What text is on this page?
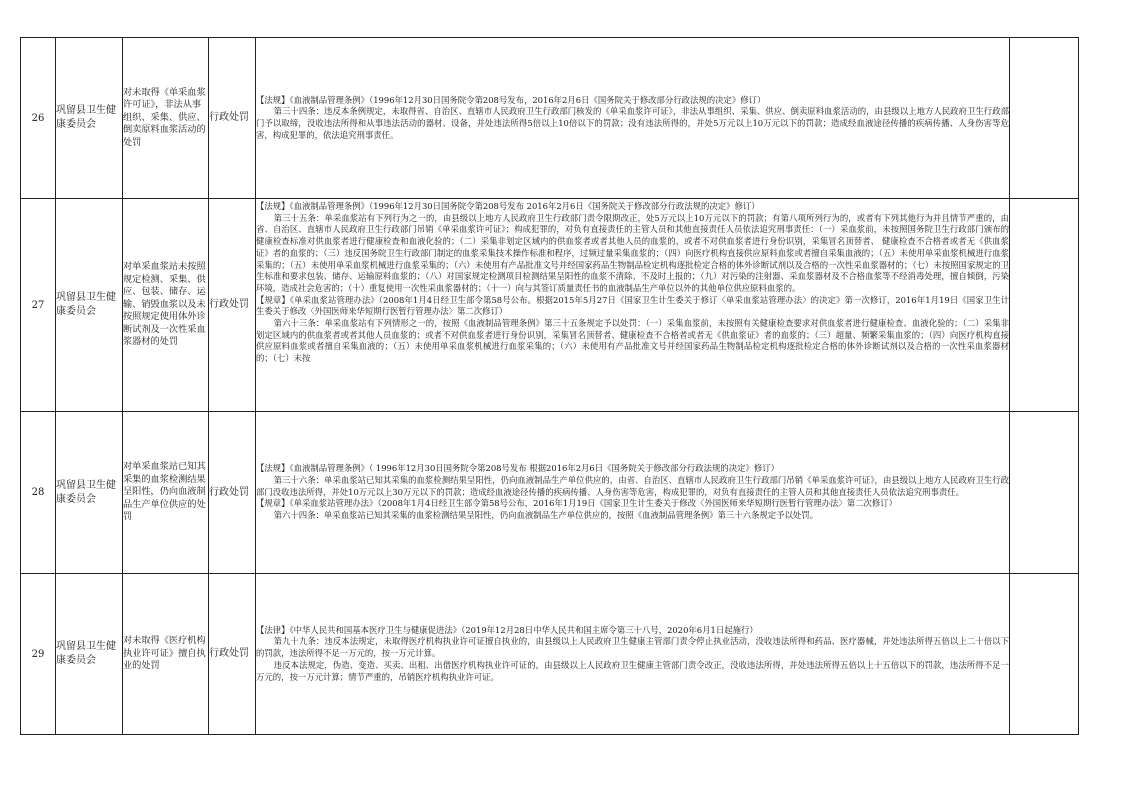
26	巩留县卫生健康委员会	对未取得《单采血浆许可证》，非法从事组织、采集、供应、倒卖原料血浆活动的处罚	行政处罚	【法规】《血液制品管理条例》（1996年12月30日国务院令第208号发布，2016年2月6日《国务院关于修改部分行政法规的决定》修订）

第三十四条：违反本条例规定，未取得省、自治区、直辖市人民政府卫生行政部门核发的《单采血浆许可证》，非法从事组织、采集、供应、倒卖原料血浆活动的，由县级以上地方人民政府卫生行政部门予以取缔，没收违法所得和从事违法活动的器材、设备，并处违法所得5倍以上10倍以下的罚款；没有违法所得的，并处5万元以上10万元以下的罚款；造成经血液途径传播的疾病传播、人身伤害等危害，构成犯罪的，依法追究刑事责任。	

27	巩留县卫生健康委员会	对单采血浆站未按照规定检测、采集、供应、包装、储存、运输、销毁血浆以及未按照规定使用体外诊断试剂及一次性采血浆器材的处罚	行政处罚	【法规】《血液制品管理条例》（1996年12月30日国务院令第208号发布 2016年2月6日《国务院关于修改部分行政法规的决定》修订）

第三十五条：单采血浆站有下列行为之一的，由县级以上地方人民政府卫生行政部门责令限期改正，处5万元以上10万元以下的罚款；有第八项所列行为的，或者有下列其他行为并且情节严重的，由省、自治区、直辖市人民政府卫生行政部门吊销《单采血浆许可证》；构成犯罪的，对负有直接责任的主管人员和其他直接责任人员依法追究刑事责任：（一）采血浆前，未按照国务院卫生行政部门颁布的健康检查标准对供血浆者进行健康检查和血液化验的；（二）采集非划定区域内的供血浆者或者其他人员的血浆的，或者不对供血浆者进行身份识别，采集冒名顶替者、 健康检查不合格者或者无《供血浆证》者的血浆的；（三）违反国务院卫生行政部门制定的血浆采集技术操作标准和程序，过频过量采集血浆的；（四）向医疗机构直接供应原料血浆或者擅自采集血液的；（五）未使用单采血浆机械进行血浆采集的；（五）未使用单采血浆机械进行血浆采集的；（六）未使用有产品批准文号并经国家药品生物制品检定机构逐批检定合格的体外诊断试剂以及合格的一次性采血浆器材的；（七）未按照国家规定的卫生标准和要求包装、储存、运输原料血浆的；（八）对国家规定检测项目检测结果呈阳性的血浆不清除、不及时上报的；（九）对污染的注射器、采血浆器材及不合格血浆等不经消毒处理，擅自倾倒，污染环境，造成社会危害的；（十）重复使用一次性采血浆器材的；（十一）向与其签订质量责任书的血液制品生产单位以外的其他单位供应原料血浆的。

【规章】《单采血浆站管理办法》（2008年1月4日经卫生部令第58号公布。根据2015年5月27日《国家卫生计生委关于修订〈单采血浆站管理办法〉的决定》第一次修订，2016年1月19日《国家卫生计生委关于修改〈外国医师来华短期行医暂行管理办法〉第二次修订）

第六十三条：单采血浆站有下列情形之一的，按照《血液制品管理条例》第三十五条规定予以处罚：（一）采集血浆前，未按照有关健康检查要求对供血浆者进行健康检查、血液化验的；（二）采集非划定区域内的供血浆者或者其他人员血浆的；或者不对供血浆者进行身份识别，采集冒名顶替者、健康检查不合格者或者无《供血浆证》者的血浆的；（三）超量、频繁采集血浆的；（四）向医疗机构直接供应原料血浆或者擅自采集血液的；（五）未使用单采血浆机械进行血浆采集的；（六）未使用有产品批准文号并经国家药品生物制品检定机构逐批检定合格的体外诊断试剂以及合格的一次性采血浆器材的；（七）未按	

28	巩留县卫生健康委员会	对单采血浆站已知其采集的血浆检测结果呈阳性，仍向血液制品生产单位供应的处罚	行政处罚	【法规】《血液制品管理条例》（ 1996年12月30日国务院令第208号发布 根据2016年2月6日《国务院关于修改部分行政法规的决定》修订）

第三十六条：单采血浆站已知其采集的血浆检测结果呈阳性，仍向血液制品生产单位供应的，由省、自治区、直辖市人民政府卫生行政部门吊销《单采血浆许可证》，由县级以上地方人民政府卫生行政部门没收违法所得，并处10万元以上30万元以下的罚款；造成经血液途径传播的疾病传播、人身伤害等危害，构成犯罪的，对负有直接责任的主管人员和其他直接责任人员依法追究刑事责任。

【规章】《单采血浆站管理办法》（2008年1月4日经卫生部令第58号公布，2016年1月19日《国家卫生计生委关于修改〈外国医师来华短期行医暂行管理办法〉第二次修订）

第六十四条：单采血浆站已知其采集的血浆检测结果呈阳性，仍向血液制品生产单位供应的，按照《血液制品管理条例》第三十六条规定予以处罚。	

29	巩留县卫生健康委员会	对未取得《医疗机构执业许可证》擅自执业的处罚	行政处罚	【法律】《中华人民共和国基本医疗卫生与健康促进法》（2019年12月28日中华人民共和国主席令第三十八号，2020年6月1日起施行）

第九十九条：违反本法规定，未取得医疗机构执业许可证擅自执业的，由县级以上人民政府卫生健康主管部门责令停止执业活动，没收违法所得和药品、医疗器械，并处违法所得五倍以上二十倍以下的罚款，违法所得不足一万元的，按一万元计算。

违反本法规定，伪造、变造、买卖、出租、出借医疗机构执业许可证的，由县级以上人民政府卫生健康主管部门责令改正，没收违法所得，并处违法所得五倍以上十五倍以下的罚款，违法所得不足一万元的，按一万元计算；情节严重的，吊销医疗机构执业许可证。	
